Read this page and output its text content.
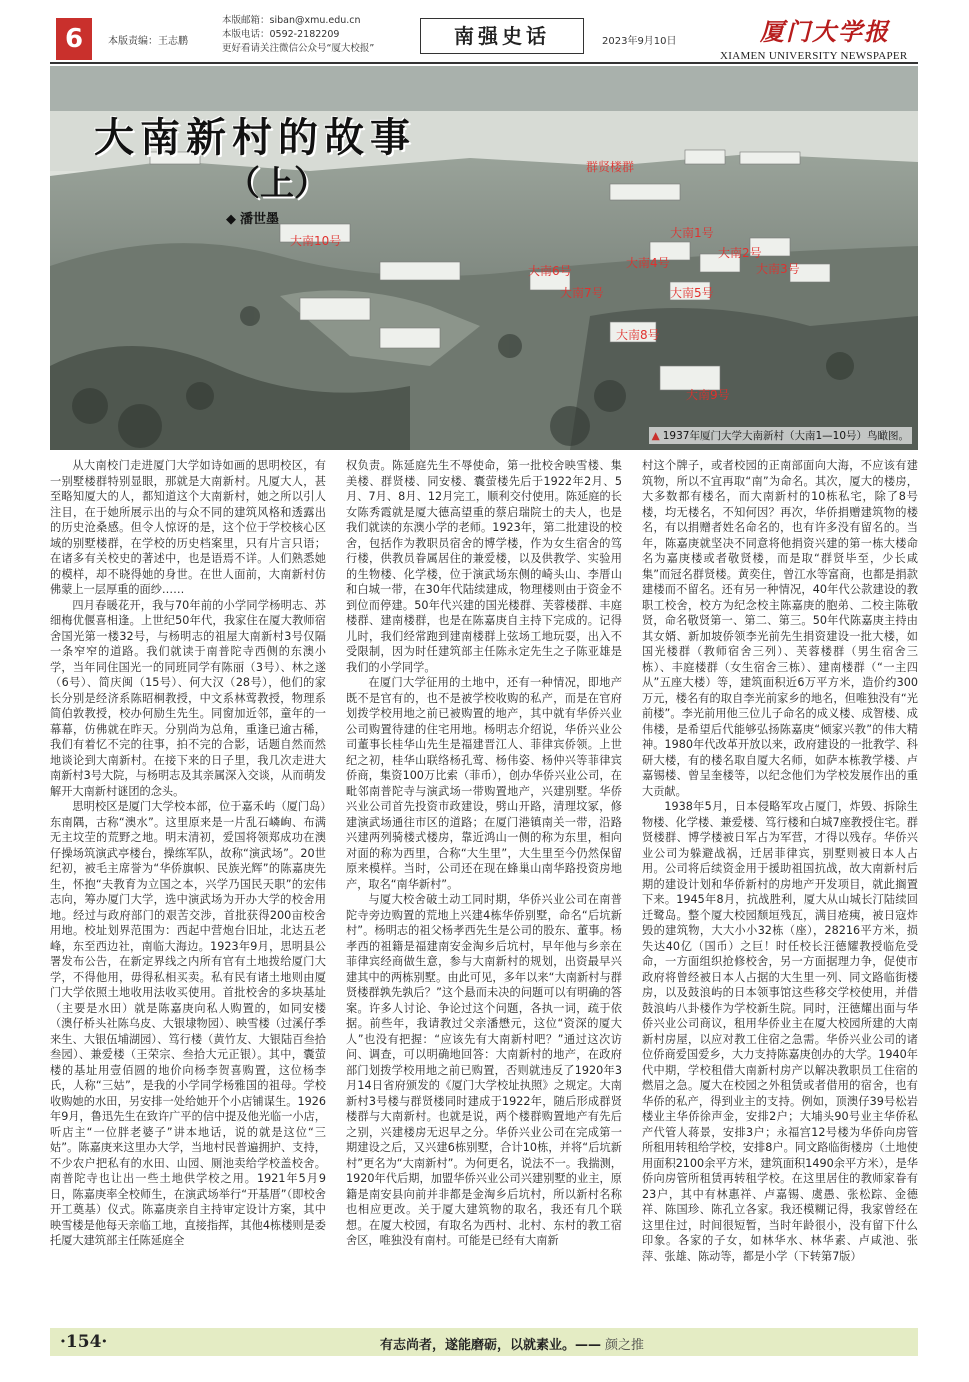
6	本版责编：王志鹏
本版邮箱：siban@xmu.edu.cn
本版电话：0592-2182209
更好看请关注微信公众号“厦大校报”
南强史话	2023年9月10日	厦门大学报
XIAMEN UNIVERSITY NEWSPAPER
大南新村的故事
（上）
◆ 潘世墨
群贤楼群
大南10号
大南1号
大南2号
大南3号
大南4号
大南5号
大南6号
大南7号
大南8号
大南9号
▲ 1937年厦门大学大南新村（大南1—10号）鸟瞰图。

从大南校门走进厦门大学如诗如画的思明校区，有一别墅楼群特别显眼，那就是大南新村。凡厦大人，甚至略知厦大的人，都知道这个大南新村，她之所以引人注目，在于她所展示出的与众不同的建筑风格和透露出的历史沧桑感。但令人惊讶的是，这个位于学校核心区域的别墅楼群，在学校的历史档案里，只有片言只语；在诸多有关校史的著述中，也是语焉不详。人们熟悉她的模样，却不晓得她的身世。在世人面前，大南新村仿佛蒙上一层厚重的面纱……

四月春暖花开，我与70年前的小学同学杨明志、苏细梅优偃喜相逢。上世纪50年代，我家住在厦大教师宿舍国光第一楼32号，与杨明志的祖屋大南新村3号仅隔一条窄窄的道路。我们就读于南普陀寺西侧的东澳小学，当年同住国光一的同班同学有陈丽（3号）、林之遂（6号）、简庆闽（15号）、何大汉（28号），他们的家长分别是经济系陈昭桐教授，中文系林莺教授，物理系简伯敦教授，校办何励生先生。同窗加近邻，童年的一幕幕，仿佛就在昨天。分别尚为总角，重逢已逾古稀，我们有着忆不完的往事，拍不完的合影，话题自然而然地谈论到大南新村。在接下来的日子里，我几次走进大南新村3号大院，与杨明志及其亲属深入交谈，从而萌发解开大南新村谜团的念头。

思明校区是厦门大学校本部，位于嘉禾屿（厦门岛）东南隅，古称“澳水”。这里原来是一片乱石嶙峋、布满无主坟茔的荒野之地。明末清初，爱国将领郑成功在澳仔操场筑演武亭楼台，操练军队，故称“演武场”。20世纪初，被毛主席誉为“华侨旗帜、民族光辉”的陈嘉庚先生，怀抱“夫教育为立国之本，兴学乃国民天职”的宏伟志向，筹办厦门大学，选中演武场为开办大学的校舍用地。经过与政府部门的艰苦交涉，首批获得200亩校舍用地。校址划界范围为：西起中营炮台旧址，北达五老峰，东至西边社，南临大海边。1923年9月，思明县公署发布公告，在新定界线之内所有官有土地拨给厦门大学，不得他用，毋得私相买卖。私有民有诸土地则由厦门大学依照土地收用法收买使用。首批校舍的多块基址（主要是水田）就是陈嘉庚向私人购置的，如同安楼（澳仔桥头社陈乌皮、大银埭物园）、映雪楼（过溪仔季来生、大银伍埔湖园）、笃行楼（黄竹友、大银陆百叁拾叁园）、兼爱楼（王荣宗、叁拾大元正银）。其中，囊萤楼的基址用壹佰圆的地价向杨李贺喜购置，这位杨李氏，人称“三姑”，是我的小学同学杨雅国的祖母。学校收购她的水田，另安排一处给她开个小店铺谋生。1926年9月，鲁迅先生在致许广平的信中提及他光临一小店，听店主“一位胖老婆子”讲本地话，说的就是这位“三姑”。陈嘉庚来这里办大学，当地村民普遍拥护、支持，不少农户把私有的水田、山园、厕池卖给学校盖校舍。南普陀寺也让出一些土地供学校之用。1921年5月9日，陈嘉庚率全校师生，在演武场举行“开基厝”（即校舍开工奠基）仪式。陈嘉庚亲自主持审定设计方案，其中映雪楼是他每天亲临工地，直接指挥，其他4栋楼则是委托厦大建筑部主任陈延庭全

权负责。陈延庭先生不辱使命，第一批校舍映雪楼、集美楼、群贤楼、同安楼、囊萤楼先后于1922年2月、5月、7月、8月、12月完工，顺利交付使用。陈延庭的长女陈秀霞就是厦大德高望重的蔡启瑞院士的夫人，也是我们就读的东澳小学的老师。1923年，第二批建设的校舍，包括作为教职员宿舍的博学楼，作为女生宿舍的笃行楼，供教员眷属居住的兼爱楼，以及供教学、实验用的生物楼、化学楼，位于演武场东侧的崎头山、李厝山和白城一带，在30年代陆续建成，物理楼则由于资金不到位而停建。50年代兴建的国光楼群、芙蓉楼群、丰庭楼群、建南楼群，也是在陈嘉庚自主持下完成的。记得儿时，我们经常跑到建南楼群上弦场工地玩耍，出入不受限制，因为时任建筑部主任陈永定先生之子陈亚雄是我们的小学同学。

在厦门大学征用的土地中，还有一种情况，即地产既不是官有的，也不是被学校收购的私产，而是在官府划拨学校用地之前已被购置的地产，其中就有华侨兴业公司购置待建的住宅用地。杨明志介绍说，华侨兴业公司董事长桂华山先生是福建晋江人、菲律宾侨领。上世纪之初，桂华山联络杨孔莺、杨伟姿、杨仲兴等菲律宾侨商，集资100万比索（菲币），创办华侨兴业公司，在毗邻南普陀寺与演武场一带购置地产，兴建别墅。华侨兴业公司首先投资市政建设，劈山开路，清理坟冢，修建演武场通往市区的道路；在厦门港镇南关一带，沿路兴建两列骑楼式楼房，靠近鸿山一侧的称为东里，相向对面的称为西里，合称“大生里”，大生里至今仍然保留原来模样。当时，公司还在现在蜂巢山南华路投资房地产，取名“南华新村”。

与厦大校舍破土动工同时期，华侨兴业公司在南普陀寺旁边购置的荒地上兴建4栋华侨别墅，命名“后坑新村”。杨明志的祖父杨孝西先生是公司的股东、董事。杨孝西的祖籍是福建南安金淘乡后坑村，早年他与乡亲在菲律宾经商做生意，参与大南新村的规划，出资最早兴建其中的两栋别墅。由此可见，多年以来“大南新村与群贤楼群孰先孰后？”这个悬而未决的问题可以有明确的答案。许多人讨论、争论过这个问题，各执一词，疏于依据。前些年，我请教过父亲潘懋元，这位“资深的厦大人”也没有把握：“应该先有大南新村吧？”通过这次访问、调查，可以明确地回答：大南新村的地产，在政府部门划拨学校用地之前已购置，否则就违反了1920年3月14日省府颁发的《厦门大学校址执照》之规定。大南新村3号楼与群贤楼同时建成于1922年，随后形成群贤楼群与大南新村。也就是说，两个楼群购置地产有先后之别，兴建楼房无迟早之分。华侨兴业公司在完成第一期建设之后，又兴建6栋别墅，合计10栋，并将“后坑新村”更名为“大南新村”。为何更名，说法不一。我揣测，1920年代后期，加盟华侨兴业公司兴建别墅的业主，原籍是南安县向前并非都是金淘乡后坑村，所以新村名称也相应更改。关于厦大建筑物的取名，我还有几个联想。在厦大校园，有取名为西村、北村、东村的教工宿舍区，唯独没有南村。可能是已经有大南新

村这个牌子，或者校园的正南部面向大海，不应该有建筑物，所以不宜再取“南”为命名。其次，厦大的楼房，大多数都有楼名，而大南新村的10栋私宅，除了8号楼，均无楼名，不知何因？再次，华侨捐赠建筑物的楼名，有以捐赠者姓名命名的，也有许多没有留名的。当年，陈嘉庚就坚决不同意将他捐资兴建的第一栋大楼命名为嘉庚楼或者敬贤楼，而是取“群贤毕至，少长咸集”而冠名群贤楼。黄奕住，曾江水等富商，也都是捐款建楼而不留名。还有另一种情况，40年代公款建设的教职工校舍，校方为纪念校主陈嘉庚的胞弟、二校主陈敬贤，命名敬贤第一、第二、第三。50年代陈嘉庚主持由其女婿、新加坡侨领李光前先生捐资建设一批大楼，如国光楼群（教师宿舍三列）、芙蓉楼群（男生宿舍三栋）、丰庭楼群（女生宿舍三栋）、建南楼群（“一主四从”五座大楼）等，建筑面积近6万平方米，造价约300万元，楼名有的取自李光前家乡的地名，但唯独没有“光前楼”。李光前用他三位儿子命名的成义楼、成智楼、成伟楼，是希望后代能够弘扬陈嘉庚“倾家兴教”的伟大精神。1980年代改革开放以来，政府建设的一批教学、科研大楼，有的楼名取自厦大名师，如萨本栋教学楼、卢嘉锡楼、曾呈奎楼等，以纪念他们为学校发展作出的重大贡献。

1938年5月，日本侵略军攻占厦门，炸毁、拆除生物楼、化学楼、兼爱楼、笃行楼和白城7座教授住宅。群贤楼群、博学楼被日军占为军营，才得以残存。华侨兴业公司为躲避战祸，迁居菲律宾，别墅则被日本人占用。公司将后续资金用于援助祖国抗战，故大南新村后期的建设计划和华侨新村的房地产开发项目，就此搁置下来。1945年8月，抗战胜利，厦大从山城长汀陆续回迁鹭岛。整个厦大校园颓垣残瓦，满目疮痍，被日寇炸毁的建筑物，大大小小32栋（座），28216平方米，损失达40亿（国币）之巨！时任校长汪德耀教授临危受命，一方面组织抢修校舍，另一方面据理力争，促使市政府将曾经被日本人占据的大生里一列、同文路临街楼房，以及鼓浪屿的日本领事馆这些移交学校使用，并借鼓浪屿八卦楼作为学校新生院。同时，汪德耀出面与华侨兴业公司商议，租用华侨业主在厦大校园所建的大南新村房屋，以应对教工住宿之急需。华侨兴业公司的诸位侨商爱国爱乡，大力支持陈嘉庚创办的大学。1940年代中期，学校租借大南新村房产以解决教职员工住宿的燃眉之急。厦大在校园之外租赁或者借用的宿舍，也有华侨的私产，得到业主的支持。例如，顶澳仔39号松岩楼业主华侨徐声金，安排2户；大埔头90号业主华侨私产代管人蒋景，安排3户；永福宫12号楼为华侨向房管所租用转租给学校，安排8户。同文路临街楼房（土地使用面积2100余平方米，建筑面积1490余平方米），是华侨向房管所租赁再转租学校。在这里居住的教师家眷有23户，其中有林惠祥、卢嘉锡、虞愚、张松踪、金德祥、陈国珍、陈孔立各家。我还模糊记得，我家曾经在这里住过，时间很短暂，当时年龄很小，没有留下什么印象。各家的子女，如林华水、林华素、卢咸池、张萍、张雄、陈动等，都是小学（下转第7版）

·154·	有志尚者，遂能磨砺，以就素业。—— 颜之推
